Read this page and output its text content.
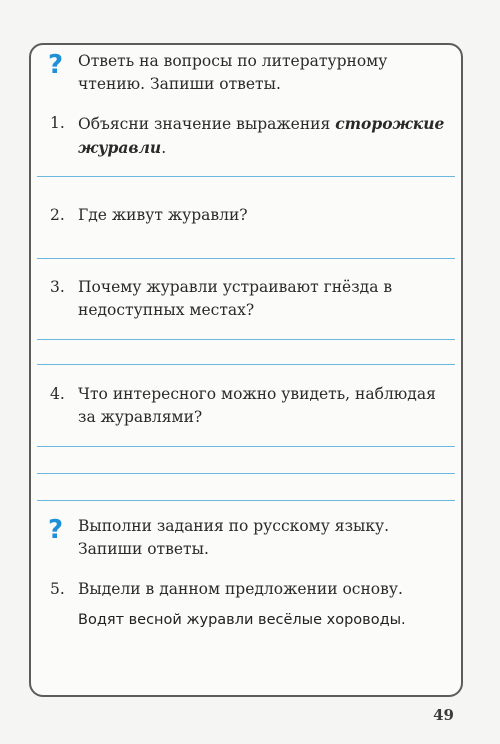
? Ответь на вопросы по литературному чтению. Запиши ответы.
1. Объясни значение выражения сторожкие журавли.
2. Где живут журавли?
3. Почему журавли устраивают гнёзда в недоступных местах?
4. Что интересного можно увидеть, наблюдая за журавлями?
? Выполни задания по русскому языку. Запиши ответы.
5. Выдели в данном предложении основу.
Водят весной журавли весёлые хороводы.
49
